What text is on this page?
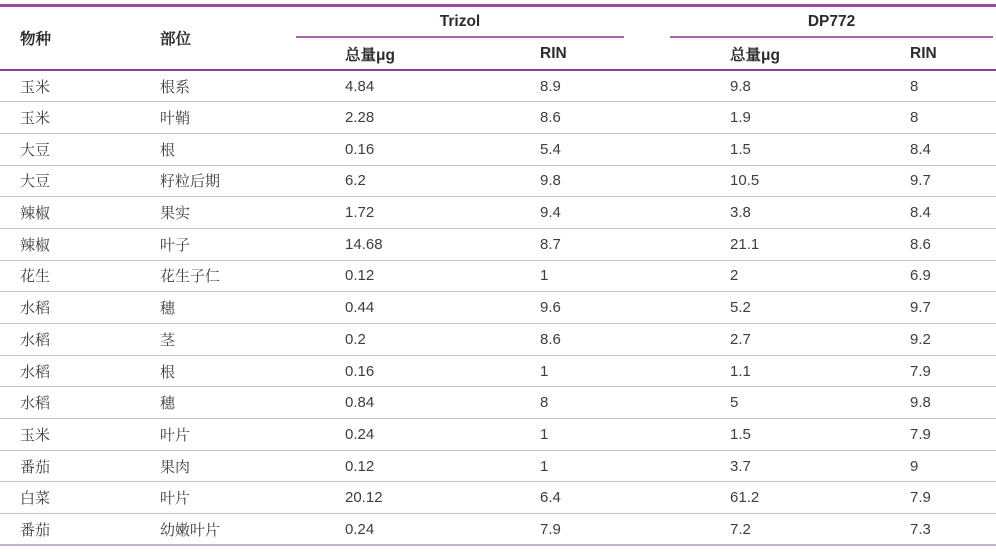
物种	部位	Trizol		DP772	

		总量μg	RIN	总量μg	RIN
玉米	根系	4.84	8.9	9.8	8
玉米	叶鞘	2.28	8.6	1.9	8
大豆	根	0.16	5.4	1.5	8.4
大豆	籽粒后期	6.2	9.8	10.5	9.7
辣椒	果实	1.72	9.4	3.8	8.4
辣椒	叶子	14.68	8.7	21.1	8.6
花生	花生子仁	0.12	1	2	6.9
水稻	穗	0.44	9.6	5.2	9.7
水稻	茎	0.2	8.6	2.7	9.2
水稻	根	0.16	1	1.1	7.9
水稻	穗	0.84	8	5	9.8
玉米	叶片	0.24	1	1.5	7.9
番茄	果肉	0.12	1	3.7	9
白菜	叶片	20.12	6.4	61.2	7.9
番茄	幼嫩叶片	0.24	7.9	7.2	7.3
